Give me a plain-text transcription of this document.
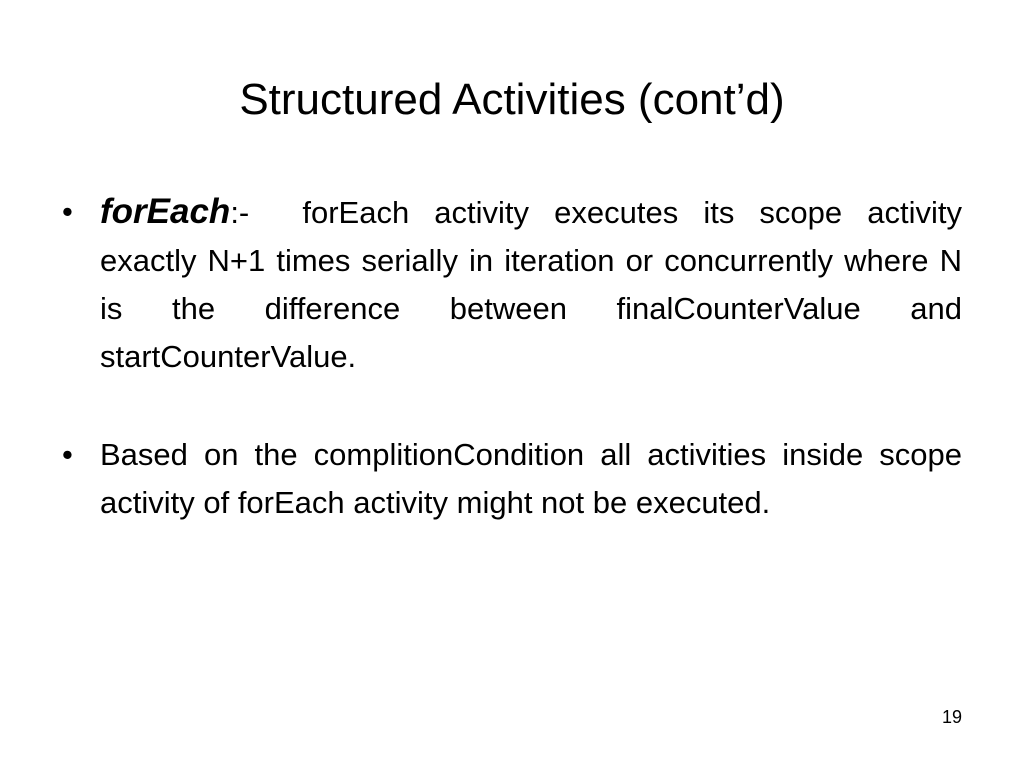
Structured Activities (cont’d)
• forEach:- forEach activity executes its scope activity exactly N+1 times serially in iteration or concurrently where N is the difference between finalCounterValue and startCounterValue.
• Based on the complitionCondition all activities inside scope activity of forEach activity might not be executed.
19
